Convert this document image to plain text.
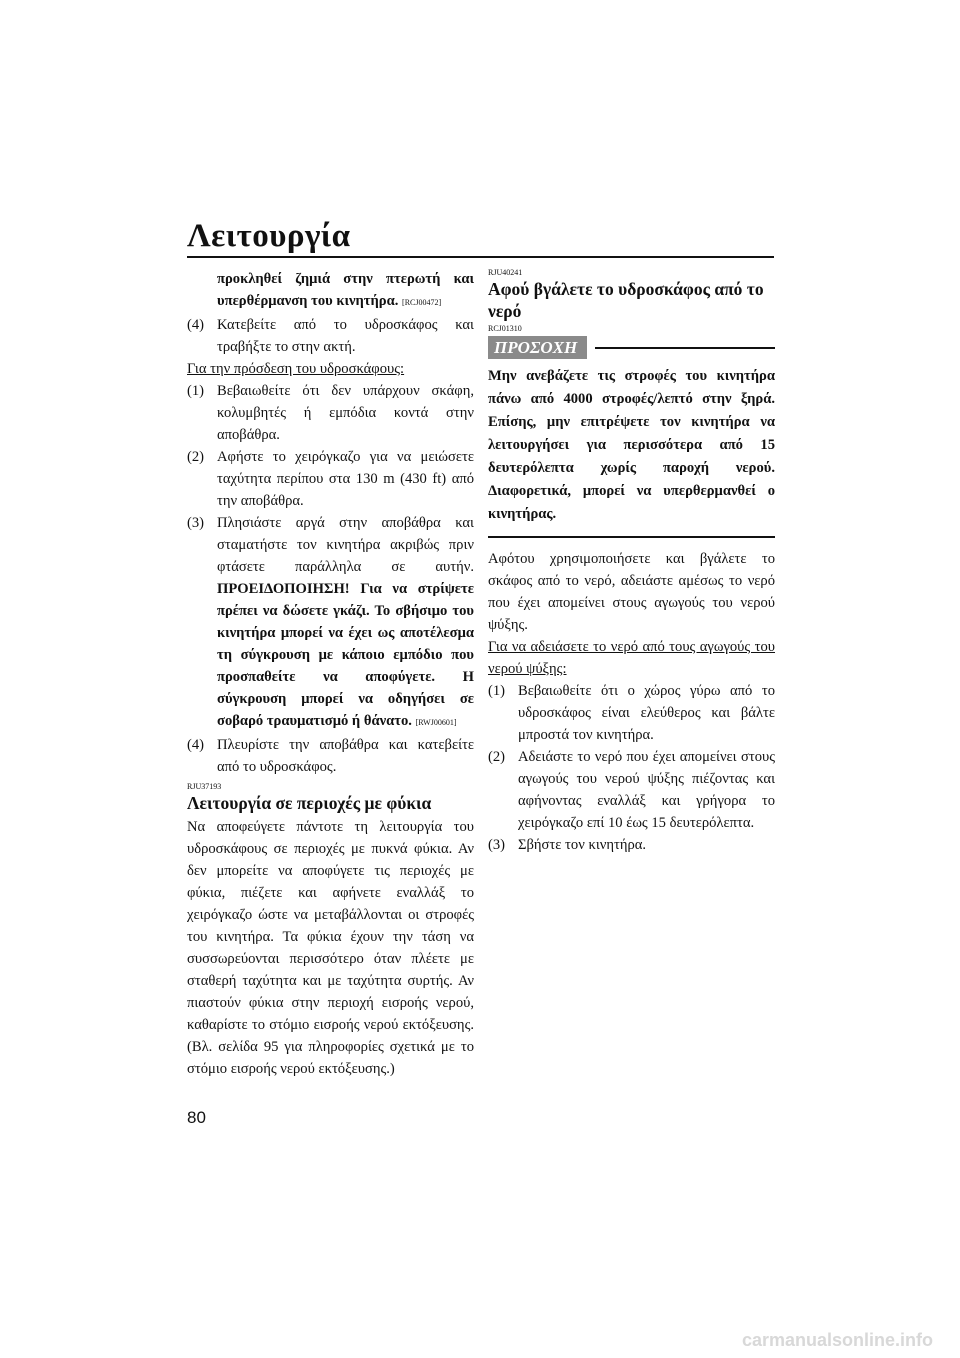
Λειτουργία

προκληθεί ζημιά στην πτερωτή και

υπερθέρμανση του κινητήρα. [RCJ00472]

(4) Κατεβείτε από το υδροσκάφος και τραβήξτε το στην ακτή.

Για την πρόσδεση του υδροσκάφους:

(1) Βεβαιωθείτε ότι δεν υπάρχουν σκάφη, κολυμβητές ή εμπόδια κοντά στην αποβάθρα.
(2) Αφήστε το χειρόγκαζο για να μειώσετε ταχύτητα περίπου στα 130 m (430 ft) από την αποβάθρα.
(3) Πλησιάστε αργά στην αποβάθρα και σταματήστε τον κινητήρα ακριβώς πριν φτάσετε παράλληλα σε αυτήν. ΠΡΟΕΙΔΟΠΟΙΗΣΗ! Για να στρίψετε πρέπει να δώσετε γκάζι. Το σβήσιμο του κινητήρα μπορεί να έχει ως αποτέλεσμα τη σύγκρουση με κάποιο εμπόδιο που προσπαθείτε να αποφύγετε. Η σύγκρουση μπορεί να οδηγήσει σε σοβαρό τραυματισμό ή θάνατο. [RWJ00601]
(4) Πλευρίστε την αποβάθρα και κατεβείτε από το υδροσκάφος.
RJU37193
Λειτουργία σε περιοχές με φύκια

Να αποφεύγετε πάντοτε τη λειτουργία του υδροσκάφους σε περιοχές με πυκνά φύκια. Αν δεν μπορείτε να αποφύγετε τις περιοχές με φύκια, πιέζετε και αφήνετε εναλλάξ το χειρόγκαζο ώστε να μεταβάλλονται οι στροφές του κινητήρα. Τα φύκια έχουν την τάση να συσσωρεύονται περισσότερο όταν πλέετε με σταθερή ταχύτητα και με ταχύτητα συρτής. Αν πιαστούν φύκια στην περιοχή εισροής νερού, καθαρίστε το στόμιο εισροής νερού εκτόξευσης. (Βλ. σελίδα 95 για πληροφορίες σχετικά με το στόμιο εισροής νερού εκτόξευσης.)

RJU40241
Αφού βγάλετε το υδροσκάφος από το νερό
RCJ01310
ΠΡΟΣΟΧΗ

Μην ανεβάζετε τις στροφές του κινητήρα πάνω από 4000 στροφές/λεπτό στην ξηρά. Επίσης, μην επιτρέψετε τον κινητήρα να λειτουργήσει για περισσότερα από 15 δευτερόλεπτα χωρίς παροχή νερού. Διαφορετικά, μπορεί να υπερθερμανθεί ο κινητήρας.

Αφότου χρησιμοποιήσετε και βγάλετε το σκάφος από το νερό, αδειάστε αμέσως το νερό που έχει απομείνει στους αγωγούς του νερού ψύξης.

Για να αδειάσετε το νερό από τους αγωγούς του νερού ψύξης:

(1) Βεβαιωθείτε ότι ο χώρος γύρω από το υδροσκάφος είναι ελεύθερος και βάλτε μπροστά τον κινητήρα.
(2) Αδειάστε το νερό που έχει απομείνει στους αγωγούς του νερού ψύξης πιέζοντας και αφήνοντας εναλλάξ και γρήγορα το χειρόγκαζο επί 10 έως 15 δευτερόλεπτα.
(3) Σβήστε τον κινητήρα.
80
carmanualsonline.info
